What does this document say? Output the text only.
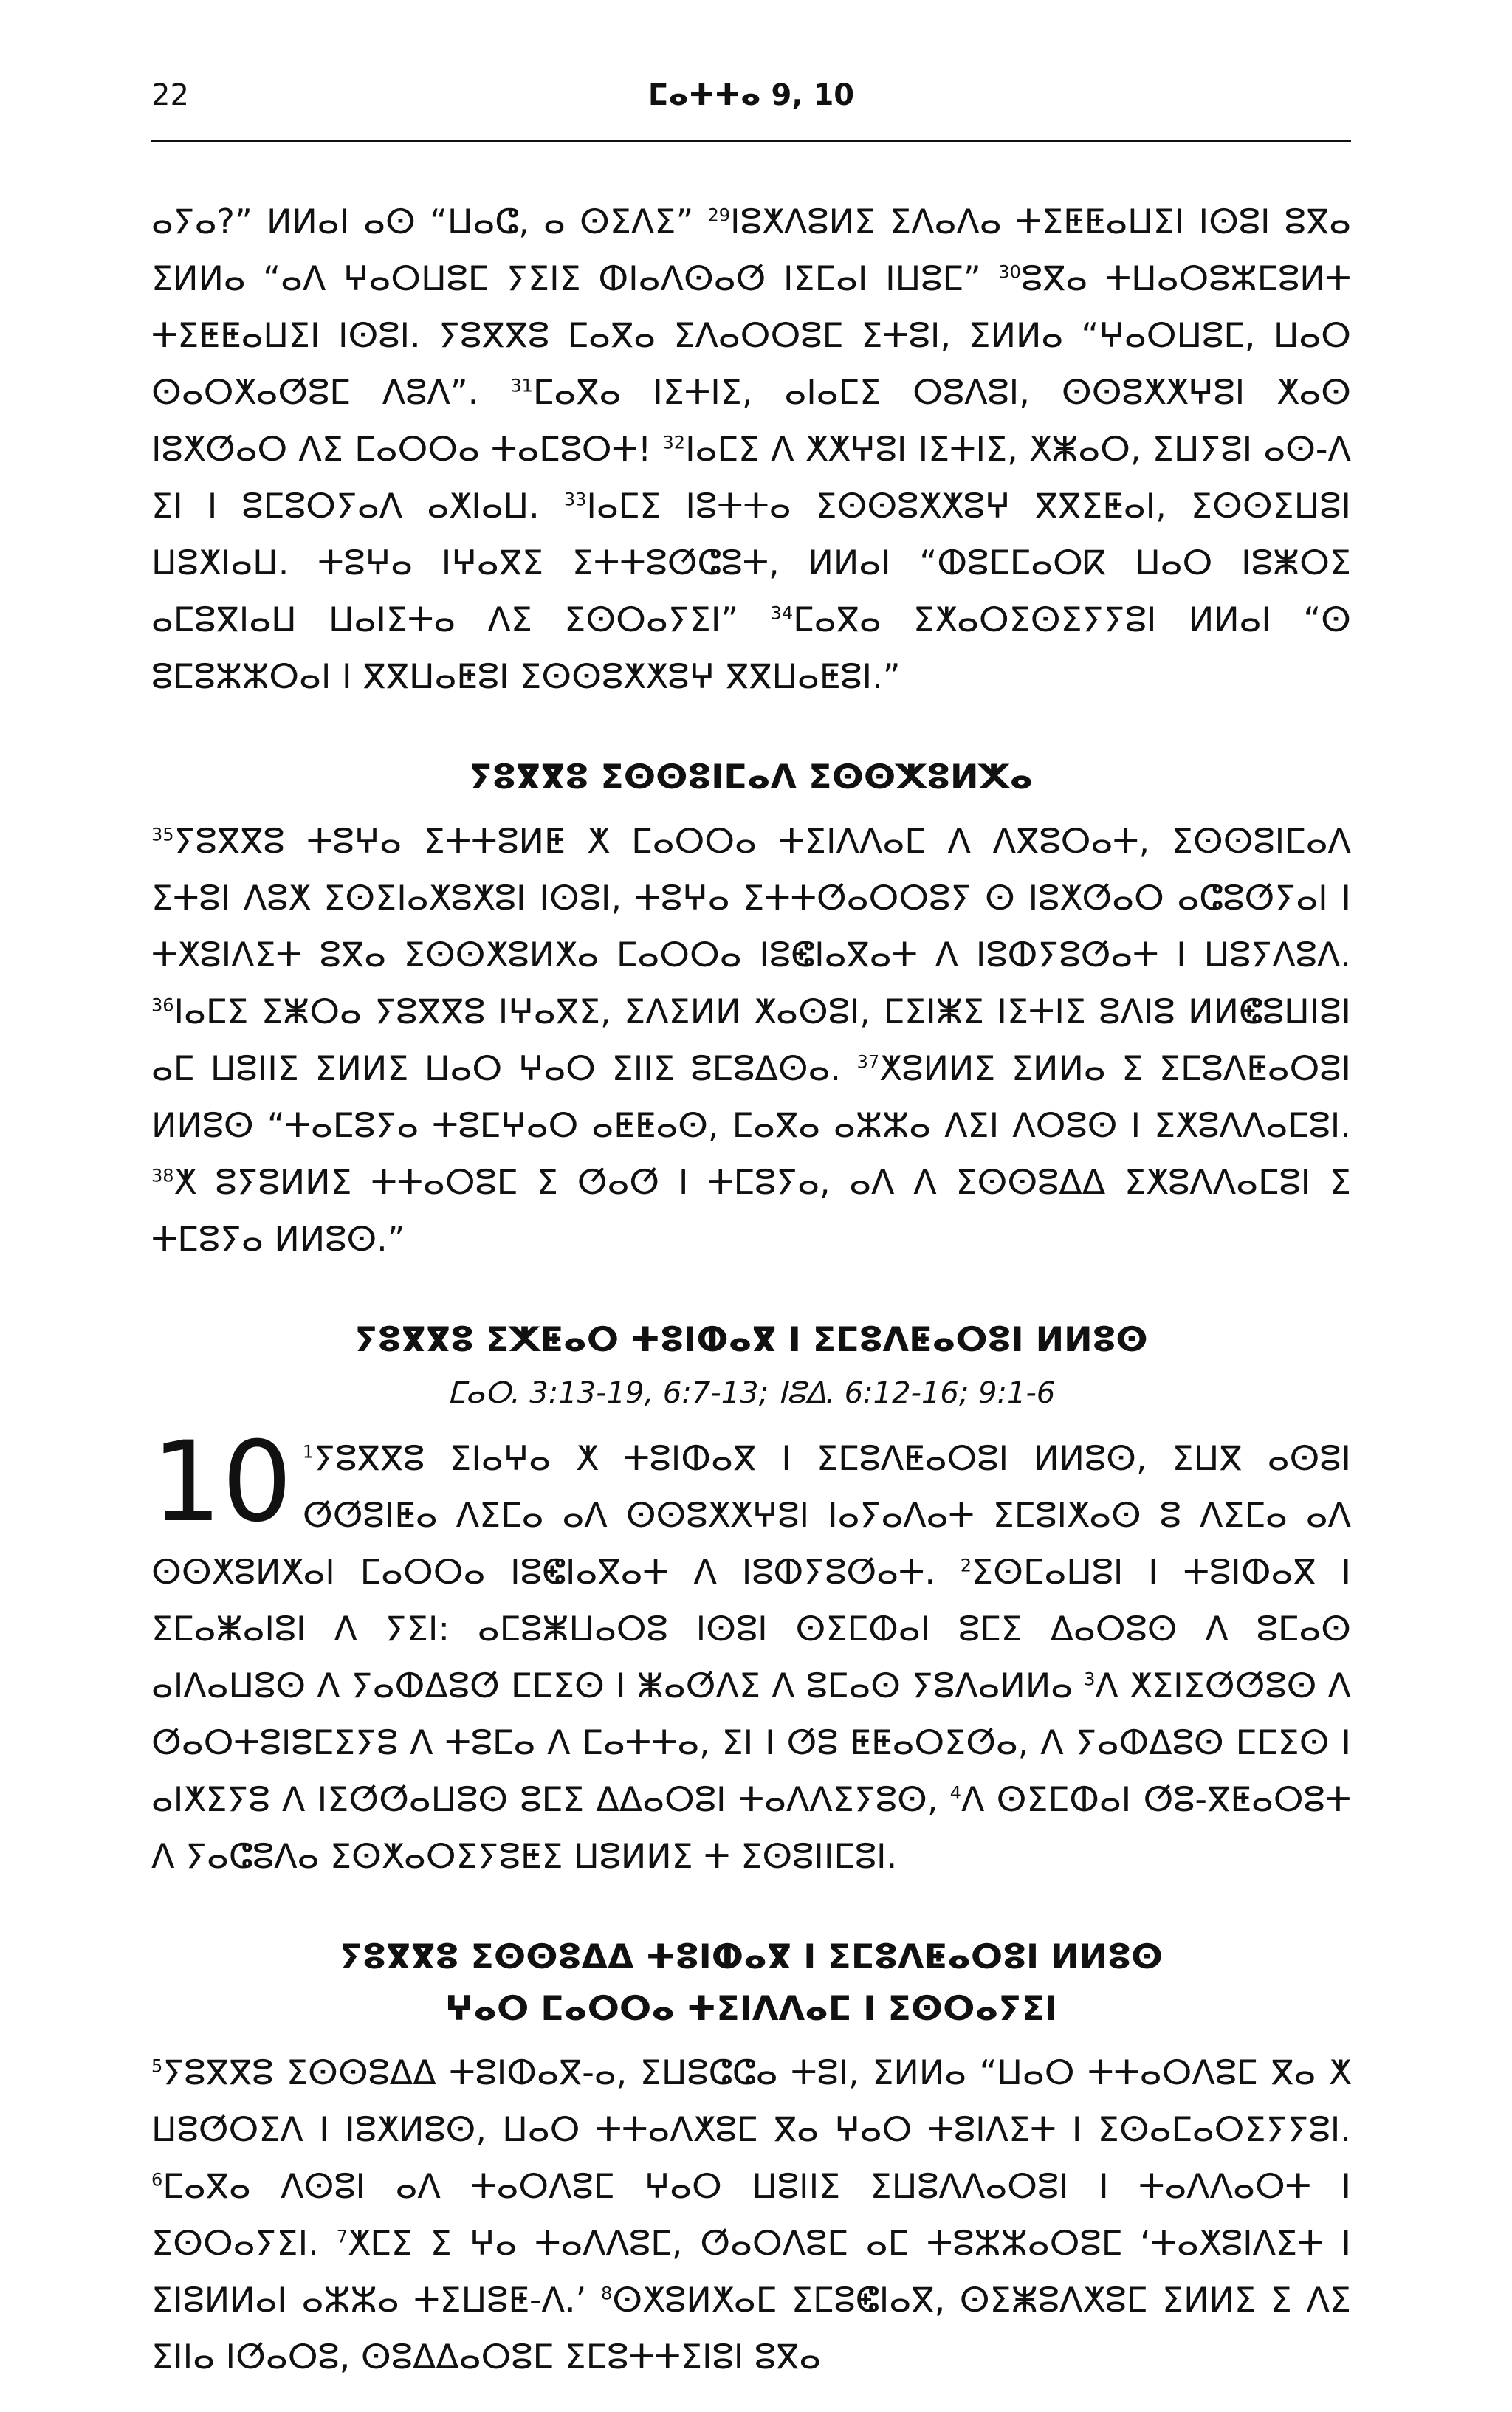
22	ⵎⴰⵜⵜⴰ 9, 10

ⴰⵢⴰ?” ⵍⵍⴰⵏ ⴰⵙ “ⵡⴰⵛ, ⴰ ⵙⵉⴷⵉ” $^{29}$ⵏⵓⵅⴷⵓⵍⵉ ⵉⴷⴰⴷⴰ ⵜⵉⵟⵟⴰⵡⵉⵏ ⵏⵙⵓⵏ ⵓⴳⴰ ⵉⵍⵍⴰ “ⴰⴷ ⵖⴰⵔⵡⵓⵎ ⵢⵉⵏⵉ ⵀⵏⴰⴷⵙⴰⵚ ⵏⵉⵎⴰⵏ ⵏⵡⵓⵎ” $^{30}$ⵓⴳⴰ ⵜⵡⴰⵔⵓⵣⵎⵓⵍⵜ ⵜⵉⵟⵟⴰⵡⵉⵏ ⵏⵙⵓⵏ. ⵢⵓⴳⴳⵓ ⵎⴰⴳⴰ ⵉⴷⴰⵔⵔⵓⵎ ⵉⵜⵓⵏ, ⵉⵍⵍⴰ “ⵖⴰⵔⵡⵓⵎ, ⵡⴰⵔ ⵙⴰⵔⵅⴰⵚⵓⵎ ⴷⵓⴷ”. $^{31}$ⵎⴰⴳⴰ ⵏⵉⵜⵏⵉ, ⴰⵏⴰⵎⵉ ⵔⵓⴷⵓⵏ, ⵙⵙⵓⵅⵅⵖⵓⵏ ⵅⴰⵙ ⵏⵓⵅⵚⴰⵔ ⴷⵉ ⵎⴰⵔⵔⴰ ⵜⴰⵎⵓⵔⵜ! $^{32}$ⵏⴰⵎⵉ ⴷ ⵅⵅⵖⵓⵏ ⵏⵉⵜⵏⵉ, ⵅⵥⴰⵔ, ⵉⵡⵢⵓⵏ ⴰⵙ-ⴷ ⵉⵏ ⵏ ⵓⵎⵓⵔⵢⴰⴷ ⴰⵅⵏⴰⵡ. $^{33}$ⵏⴰⵎⵉ ⵏⵓⵜⵜⴰ ⵉⵙⵙⵓⵅⵅⵓⵖ ⴳⴳⵉⵟⴰⵏ, ⵉⵙⵙⵉⵡⵓⵏ ⵡⵓⵅⵏⴰⵡ. ⵜⵓⵖⴰ ⵏⵖⴰⴳⵉ ⵉⵜⵜⵓⵚⵛⵓⵜ, ⵍⵍⴰⵏ “ⵀⵓⵎⵎⴰⵔⴽ ⵡⴰⵔ ⵏⵓⵥⵔⵉ ⴰⵎⵓⴳⵏⴰⵡ ⵡⴰⵏⵉⵜⴰ ⴷⵉ ⵉⵙⵔⴰⵢⵉⵏ” $^{34}$ⵎⴰⴳⴰ ⵉⵅⴰⵔⵉⵙⵉⵢⵢⵓⵏ ⵍⵍⴰⵏ “ⵙ ⵓⵎⵓⵣⵣⵔⴰⵏ ⵏ ⴳⴳⵡⴰⵟⵓⵏ ⵉⵙⵙⵓⵅⵅⵓⵖ ⴳⴳⵡⴰⵟⵓⵏ.”

ⵢⵓⴳⴳⵓ ⵉⵙⵙⵓⵏⵎⴰⴷ ⵉⵙⵙⵅⵓⵍⵅⴰ

$^{35}$ⵢⵓⴳⴳⵓ ⵜⵓⵖⴰ ⵉⵜⵜⵓⵍⵟ ⵅ ⵎⴰⵔⵔⴰ ⵜⵉⵏⴷⴷⴰⵎ ⴷ ⴷⴳⵓⵔⴰⵜ, ⵉⵙⵙⵓⵏⵎⴰⴷ ⵉⵜⵓⵏ ⴷⵓⵅ ⵉⵙⵉⵏⴰⵅⵓⵅⵓⵏ ⵏⵙⵓⵏ, ⵜⵓⵖⴰ ⵉⵜⵜⵚⴰⵔⵔⵓⵢ ⵙ ⵏⵓⵅⵚⴰⵔ ⴰⵛⵓⵚⵢⴰⵏ ⵏ ⵜⵅⵓⵏⴷⵉⵜ ⵓⴳⴰ ⵉⵙⵙⵅⵓⵍⵅⴰ ⵎⴰⵔⵔⴰ ⵏⵓⵞⵏⴰⴳⴰⵜ ⴷ ⵏⵓⵀⵢⵓⵚⴰⵜ ⵏ ⵡⵓⵢⴷⵓⴷ. $^{36}$ⵏⴰⵎⵉ ⵉⵥⵔⴰ ⵢⵓⴳⴳⵓ ⵏⵖⴰⴳⵉ, ⵉⴷⵉⵍⵍ ⵅⴰⵙⵓⵏ, ⵎⵉⵏⵥⵉ ⵏⵉⵜⵏⵉ ⵓⴷⵏⵓ ⵍⵍⵞⵓⵡⵏⵓⵏ ⴰⵎ ⵡⵓⵏⵏⵉ ⵉⵍⵍⵉ ⵡⴰⵔ ⵖⴰⵔ ⵉⵏⵏⵉ ⵓⵎⵓⵠⵙⴰ. $^{37}$ⵅⵓⵍⵍⵉ ⵉⵍⵍⴰ ⵉ ⵉⵎⵓⴷⵟⴰⵔⵓⵏ ⵍⵍⵓⵙ “ⵜⴰⵎⵓⵢⴰ ⵜⵓⵎⵖⴰⵔ ⴰⵟⵟⴰⵙ, ⵎⴰⴳⴰ ⴰⵣⵣⴰ ⴷⵉⵏ ⴷⵔⵓⵙ ⵏ ⵉⵅⵓⴷⴷⴰⵎⵓⵏ. $^{38}$ⵅ ⵓⵢⵓⵍⵍⵉ ⵜⵜⴰⵔⵓⵎ ⵉ ⵚⴰⵚ ⵏ ⵜⵎⵓⵢⴰ, ⴰⴷ ⴷ ⵉⵙⵙⵓⵠⵠ ⵉⵅⵓⴷⴷⴰⵎⵓⵏ ⵉ ⵜⵎⵓⵢⴰ ⵍⵍⵓⵙ.”

ⵢⵓⴳⴳⵓ ⵉⵅⵟⴰⵔ ⵜⵓⵏⵀⴰⴳ ⵏ ⵉⵎⵓⴷⵟⴰⵔⵓⵏ ⵍⵍⵓⵙ
ⵎⴰⵔ. 3:13-19, 6:7-13; ⵏⵓⵠ. 6:12-16; 9:1-6

10 $^1$ⵢⵓⴳⴳⵓ ⵉⵏⴰⵖⴰ ⵅ ⵜⵓⵏⵀⴰⴳ ⵏ ⵉⵎⵓⴷⵟⴰⵔⵓⵏ ⵍⵍⵓⵙ, ⵉⵡⴳ ⴰⵙⵓⵏ ⵚⵚⵓⵏⵟⴰ ⴷⵉⵎⴰ ⴰⴷ ⵙⵙⵓⵅⵅⵖⵓⵏ ⵏⴰⵢⴰⴷⴰⵜ ⵉⵎⵓⵏⵅⴰⵙ ⵓ ⴷⵉⵎⴰ ⴰⴷ ⵙⵙⵅⵓⵍⵅⴰⵏ ⵎⴰⵔⵔⴰ ⵏⵓⵞⵏⴰⴳⴰⵜ ⴷ ⵏⵓⵀⵢⵓⵚⴰⵜ. $^2$ⵉⵙⵎⴰⵡⵓⵏ ⵏ ⵜⵓⵏⵀⴰⴳ ⵏ ⵉⵎⴰⵥⴰⵏⵓⵏ ⴷ ⵢⵉⵏ: ⴰⵎⵓⵥⵡⴰⵔⵓ ⵏⵙⵓⵏ ⵙⵉⵎⵀⴰⵏ ⵓⵎⵉ ⵠⴰⵔⵓⵙ ⴷ ⵓⵎⴰⵙ ⴰⵏⴷⴰⵡⵓⵙ ⴷ ⵢⴰⵀⵠⵓⵚ ⵎⵎⵉⵙ ⵏ ⵥⴰⵚⴷⵉ ⴷ ⵓⵎⴰⵙ ⵢⵓⴷⴰⵍⵍⴰ $^3$ⴷ ⵅⵉⵏⵉⵚⵚⵓⵙ ⴷ ⵚⴰⵔⵜⵓⵏⵓⵎⵉⵢⵓ ⴷ ⵜⵓⵎⴰ ⴷ ⵎⴰⵜⵜⴰ, ⵉⵏ ⵏ ⵚⵓ ⵟⵟⴰⵔⵉⵚⴰ, ⴷ ⵢⴰⵀⵠⵓⵙ ⵎⵎⵉⵙ ⵏ ⴰⵏⵅⵉⵢⵓ ⴷ ⵏⵉⵚⵚⴰⵡⵓⵙ ⵓⵎⵉ ⵠⵠⴰⵔⵓⵏ ⵜⴰⴷⴷⵉⵢⵓⵙ, $^4$ⴷ ⵙⵉⵎⵀⴰⵏ ⵚⵓ-ⴳⵟⴰⵔⵓⵜ ⴷ ⵢⴰⵛⵓⴷⴰ ⵉⵙⵅⴰⵔⵉⵢⵓⵟⵉ ⵡⵓⵍⵍⵉ ⵜ ⵉⵙⵓⵏⵏⵎⵓⵏ.

ⵢⵓⴳⴳⵓ ⵉⵙⵙⵓⵠⵠ ⵜⵓⵏⵀⴰⴳ ⵏ ⵉⵎⵓⴷⵟⴰⵔⵓⵏ ⵍⵍⵓⵙ
ⵖⴰⵔ ⵎⴰⵔⵔⴰ ⵜⵉⵏⴷⴷⴰⵎ ⵏ ⵉⵙⵔⴰⵢⵉⵏ

$^5$ⵢⵓⴳⴳⵓ ⵉⵙⵙⵓⵠⵠ ⵜⵓⵏⵀⴰⴳ-ⴰ, ⵉⵡⵓⵛⵛⴰ ⵜⵓⵏ, ⵉⵍⵍⴰ “ⵡⴰⵔ ⵜⵜⴰⵔⴷⵓⵎ ⴳⴰ ⵅ ⵡⵓⵚⵔⵉⴷ ⵏ ⵏⵓⵅⵍⵓⵙ, ⵡⴰⵔ ⵜⵜⴰⴷⵅⵓⵎ ⴳⴰ ⵖⴰⵔ ⵜⵓⵏⴷⵉⵜ ⵏ ⵉⵙⴰⵎⴰⵔⵉⵢⵢⵓⵏ. $^6$ⵎⴰⴳⴰ ⴷⵙⵓⵏ ⴰⴷ ⵜⴰⵔⴷⵓⵎ ⵖⴰⵔ ⵡⵓⵏⵏⵉ ⵉⵡⵓⴷⴷⴰⵔⵓⵏ ⵏ ⵜⴰⴷⴷⴰⵔⵜ ⵏ ⵉⵙⵔⴰⵢⵉⵏ. $^7$ⵅⵎⵉ ⵉ ⵖⴰ ⵜⴰⴷⴷⵓⵎ, ⵚⴰⵔⴷⵓⵎ ⴰⵎ ⵜⵓⵣⵣⴰⵔⵓⵎ ‘ⵜⴰⵅⵓⵏⴷⵉⵜ ⵏ ⵉⵏⵓⵍⵍⴰⵏ ⴰⵣⵣⴰ ⵜⵉⵡⵓⵟ-ⴷ.’ $^8$ⵙⵅⵓⵍⵅⴰⵎ ⵉⵎⵓⵞⵏⴰⴳ, ⵙⵉⵥⵓⴷⵅⵓⵎ ⵉⵍⵍⵉ ⵉ ⴷⵉ ⵉⵏⵏⴰ ⵏⵚⴰⵔⵓ, ⵙⵓⵠⵠⴰⵔⵓⵎ ⵉⵎⵓⵜⵜⵉⵏⵓⵏ ⵓⴳⴰ
